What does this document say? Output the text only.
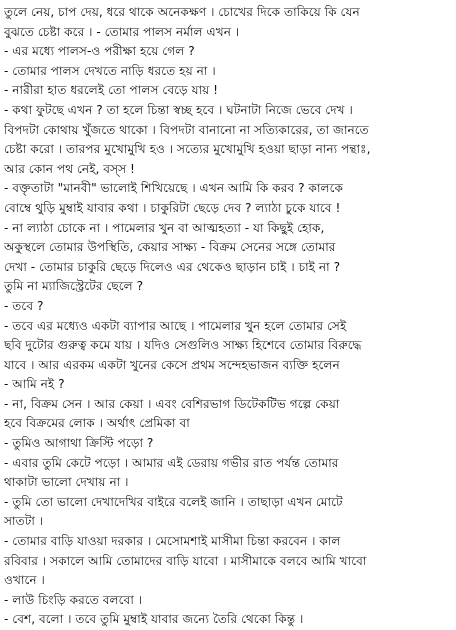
তুলে নেয়, চাপ দেয়, ধরে থাকে অনেকক্ষণ । চোখের দিকে তাকিয়ে কি যেন
বুঝতে চেষ্টা করে । - তোমার পালস নর্মাল এখন ।
- এর মধ্যে পালস-ও পরীক্ষা হয়ে গেল ?
- তোমার পালস দেখতে নাড়ি ধরতে হয় না ।
- নারীরা হাত ধরলেই তো পালস বেড়ে যায় !
- কথা ফুটছে এখন ? তা হলে চিন্তা স্বচ্ছ হবে । ঘটনাটা নিজে ভেবে দেখ ।
বিপদটা কোথায় খুঁজতে থাকো । বিপদটা বানানো না সত্যিকারের, তা জানতে
চেষ্টা করো । তারপর মুখোমুখি হও । সত্যের মুখোমুখি হওয়া ছাড়া নান্য পন্থাঃ,
আর কোন পথ নেই, বস্‌স !
- বক্তৃতাটা "মানবী" ভালোই শিখিয়েছে । এখন আমি কি করব ? কালকে
বোম্বে থুড়ি মুম্বাই যাবার কথা । চাকুরিটা ছেড়ে দেব ? ল্যাঠা চুকে যাবে !
- না ল্যাঠা চোকে না । পামেলার খুন বা আত্মহত্যা - যা কিছুই হোক,
অকুস্থলে তোমার উপস্থিতি, কেয়ার সাক্ষ্য - বিক্রম সেনের সঙ্গে তোমার
দেখা - তোমার চাকুরি ছেড়ে দিলেও এর থেকেও ছাড়ান চাই । চাই না ?
তুমি না ম্যাজিস্ট্রেটের ছেলে ?
- তবে ?
- তবে এর মধ্যেও একটা ব্যাপার আছে । পামেলার খুন হলে তোমার সেই
ছবি দুটোর গুরুত্ব কমে যায় । যদিও সেগুলিও সাক্ষ্য হিশেবে তোমার বিরুদ্ধে
যাবে । আর এরকম একটা খুনের কেসে প্রথম সন্দেহভাজন ব্যক্তি হলেন
- আমি নই ?
- না, বিক্রম সেন । আর কেয়া । এবং বেশিরভাগ ডিটেকটিভ গল্পে কেয়া
হবে বিক্রমের লোক । অর্থাৎ প্রেমিকা বা
- তুমিও আগাথা ক্রিস্টি পড়ো ?
- এবার তুমি কেটে পড়ো । আমার এই ডেরায় গভীর রাত পর্যন্ত তোমার
থাকাটা ভালো দেখায় না ।
- তুমি তো ভালো দেখাদেখির বাইরে বলেই জানি । তাছাড়া এখন মোটে
সাতটা ।
- তোমার বাড়ি যাওয়া দরকার । মেসোমশাই মাসীমা চিন্তা করবেন । কাল
রবিবার । সকালে আমি তোমাদের বাড়ি যাবো । মাসীমাকে বলবে আমি খাবো
ওখানে ।
- লাউ চিংড়ি করতে বলবো ।
- বেশ, বলো । তবে তুমি মুম্বাই যাবার জন্যে তৈরি থেকো কিন্তু ।
